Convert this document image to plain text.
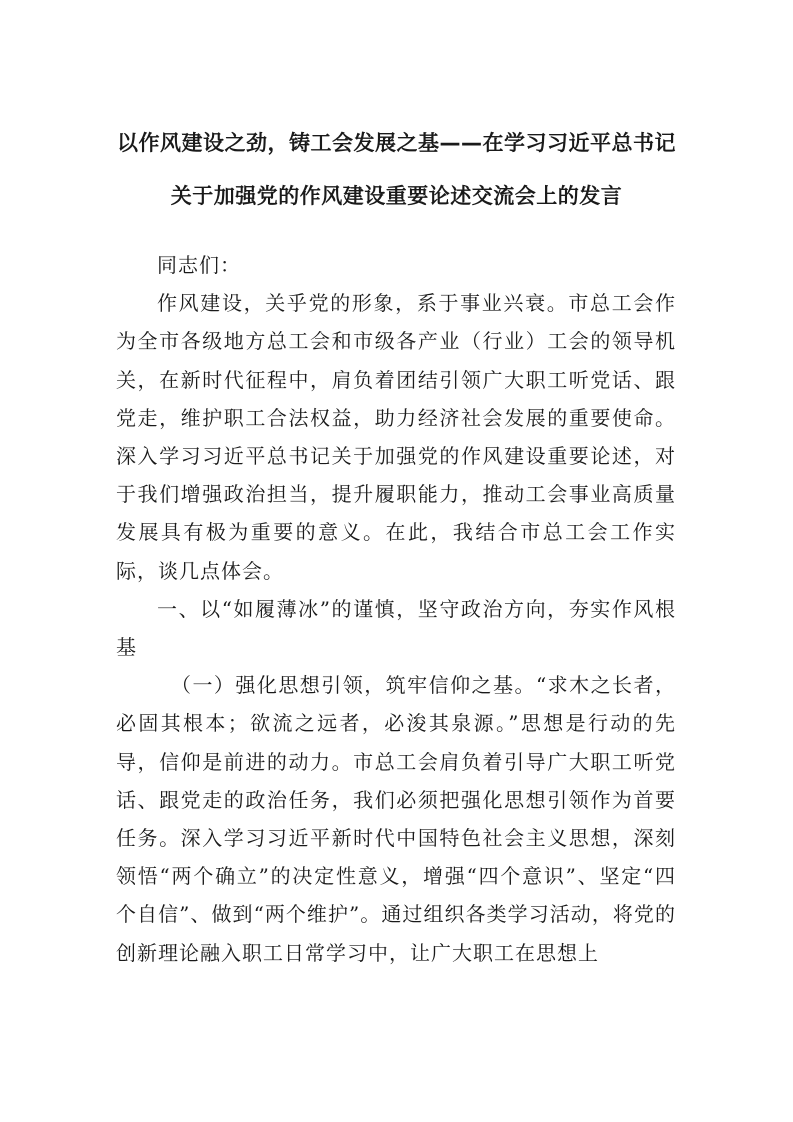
以作风建设之劲，铸工会发展之基——在学习习近平总书记
关于加强党的作风建设重要论述交流会上的发言

同志们：

作风建设，关乎党的形象，系于事业兴衰。市总工会作为全市各级地方总工会和市级各产业（行业）工会的领导机关，在新时代征程中，肩负着团结引领广大职工听党话、跟党走，维护职工合法权益，助力经济社会发展的重要使命。深入学习习近平总书记关于加强党的作风建设重要论述，对于我们增强政治担当，提升履职能力，推动工会事业高质量发展具有极为重要的意义。在此，我结合市总工会工作实际，谈几点体会。

一、以“如履薄冰”的谨慎，坚守政治方向，夯实作风根基

（一）强化思想引领，筑牢信仰之基。“求木之长者，必固其根本；欲流之远者，必浚其泉源。”思想是行动的先导，信仰是前进的动力。市总工会肩负着引导广大职工听党话、跟党走的政治任务，我们必须把强化思想引领作为首要任务。深入学习习近平新时代中国特色社会主义思想，深刻领悟“两个确立”的决定性意义，增强“四个意识”、坚定“四个自信”、做到“两个维护”。通过组织各类学习活动，将党的创新理论融入职工日常学习中，让广大职工在思想上
